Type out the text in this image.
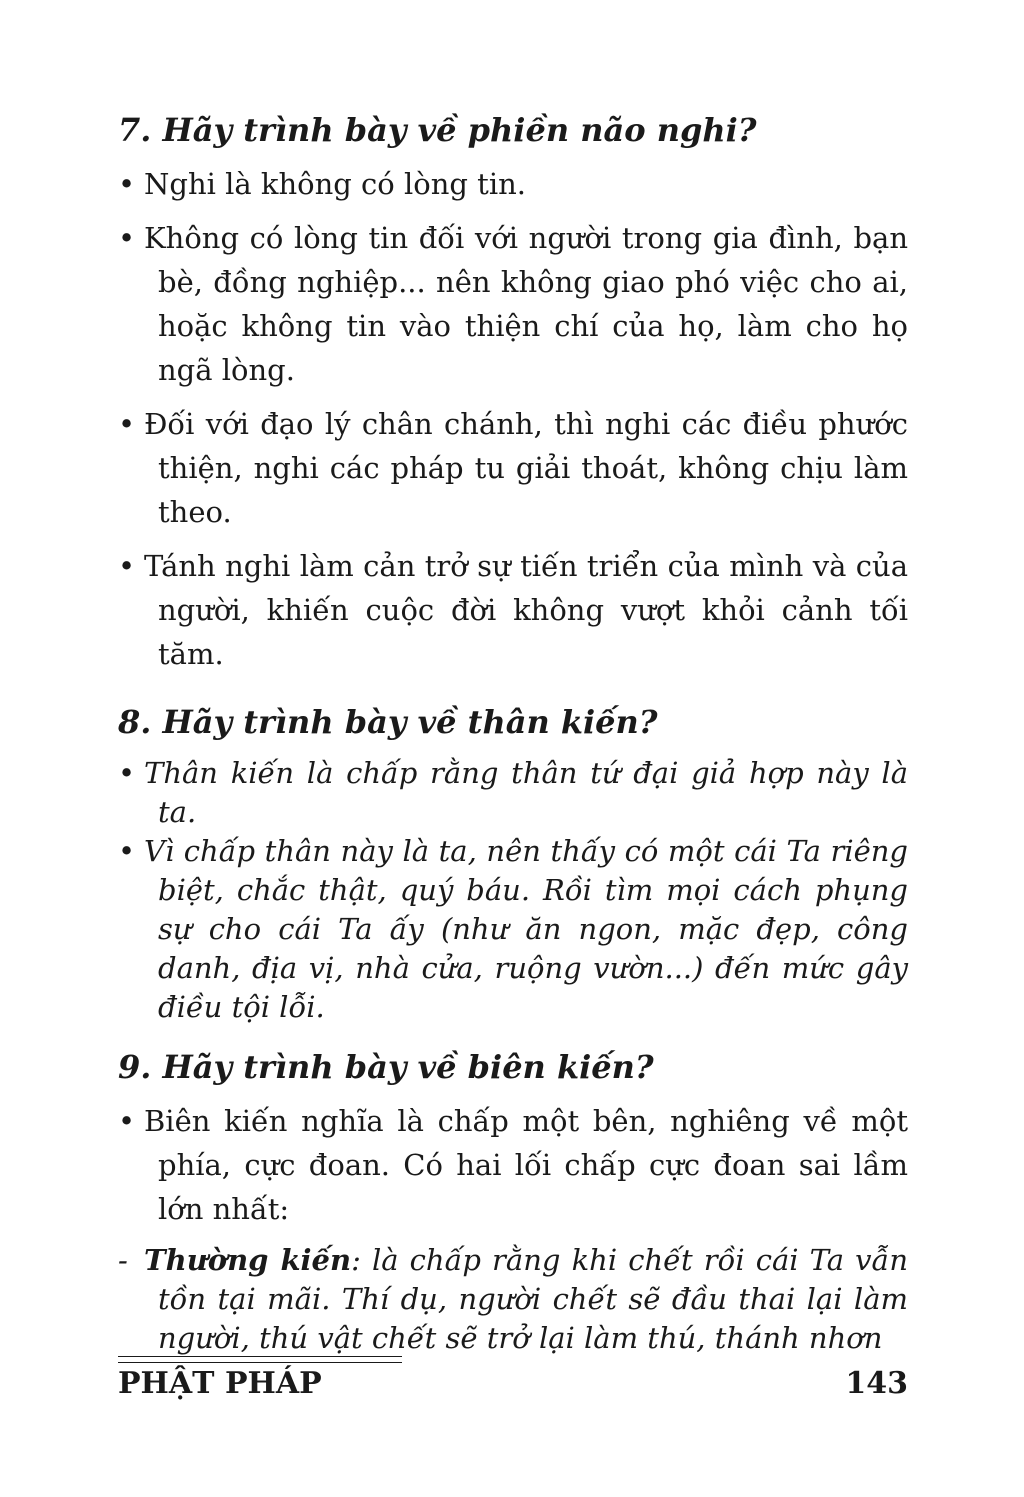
7. Hãy trình bày về phiền não nghi?
• Nghi là không có lòng tin.
• Không có lòng tin đối với người trong gia đình, bạn bè, đồng nghiệp... nên không giao phó việc cho ai, hoặc không tin vào thiện chí của họ, làm cho họ ngã lòng.
• Đối với đạo lý chân chánh, thì nghi các điều phước thiện, nghi các pháp tu giải thoát, không chịu làm theo.
• Tánh nghi làm cản trở sự tiến triển của mình và của người, khiến cuộc đời không vượt khỏi cảnh tối tăm.
8. Hãy trình bày về thân kiến?
• Thân kiến là chấp rằng thân tứ đại giả hợp này là ta.
• Vì chấp thân này là ta, nên thấy có một cái Ta riêng biệt, chắc thật, quý báu. Rồi tìm mọi cách phụng sự cho cái Ta ấy (như ăn ngon, mặc đẹp, công danh, địa vị, nhà cửa, ruộng vườn...) đến mức gây điều tội lỗi.
9. Hãy trình bày về biên kiến?
• Biên kiến nghĩa là chấp một bên, nghiêng về một phía, cực đoan. Có hai lối chấp cực đoan sai lầm lớn nhất:
- Thường kiến: là chấp rằng khi chết rồi cái Ta vẫn tồn tại mãi. Thí dụ, người chết sẽ đầu thai lại làm người, thú vật chết sẽ trở lại làm thú, thánh nhơn
PHẬT PHÁP	143
